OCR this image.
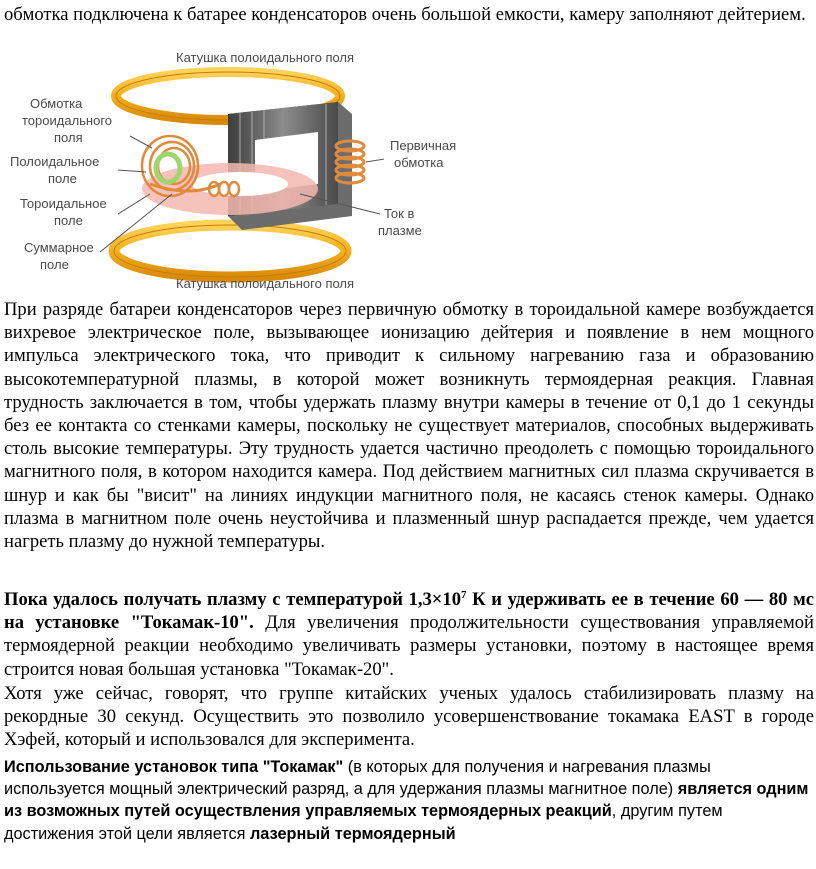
обмотка подключена к батарее конденсаторов очень большой емкости, камеру заполняют дейтерием.

Катушка полоидального поля
Катушка полоидального поля
Обмотка
тороидального
поля
Полоидальное
поле
Тороидальное
поле
Суммарное
поле
Первичная
обмотка
Ток в
плазме

При разряде батареи конденсаторов через первичную обмотку в тороидальной камере возбуждается вихревое электрическое поле, вызывающее ионизацию дейтерия и появление в нем мощного импульса электрического тока, что приводит к сильному нагреванию газа и образованию высокотемпературной плазмы, в которой может возникнуть термоядерная реакция. Главная трудность заключается в том, чтобы удержать плазму внутри камеры в течение от 0,1 до 1 секунды без ее контакта со стенками камеры, поскольку не существует материалов, способных выдерживать столь высокие температуры. Эту трудность удается частично преодолеть с помощью тороидального магнитного поля, в котором находится камера. Под действием магнитных сил плазма скручивается в шнур и как бы "висит" на линиях индукции магнитного поля, не касаясь стенок камеры. Однако плазма в магнитном поле очень неустойчива и плазменный шнур распадается прежде, чем удается нагреть плазму до нужной температуры.

Пока удалось получать плазму с температурой $1,3\times 10^7$ К и удерживать ее в течение 60 — 80 мс на установке "Токамак-10". Для увеличения продолжительности существования управляемой термоядерной реакции необходимо увеличивать размеры установки, поэтому в настоящее время строится новая большая установка "Токамак-20".

Хотя уже сейчас, говорят, что группе китайских ученых удалось стабилизировать плазму на рекордные 30 секунд. Осуществить это позволило усовершенствование токамака EAST в городе Хэфей, который и использовался для эксперимента.

Использование установок типа "Токамак" (в которых для получения и нагревания плазмы используется мощный электрический разряд, а для удержания плазмы магнитное поле) является одним из возможных путей осуществления управляемых термоядерных реакций, другим путем достижения этой цели является лазерный термоядерный
